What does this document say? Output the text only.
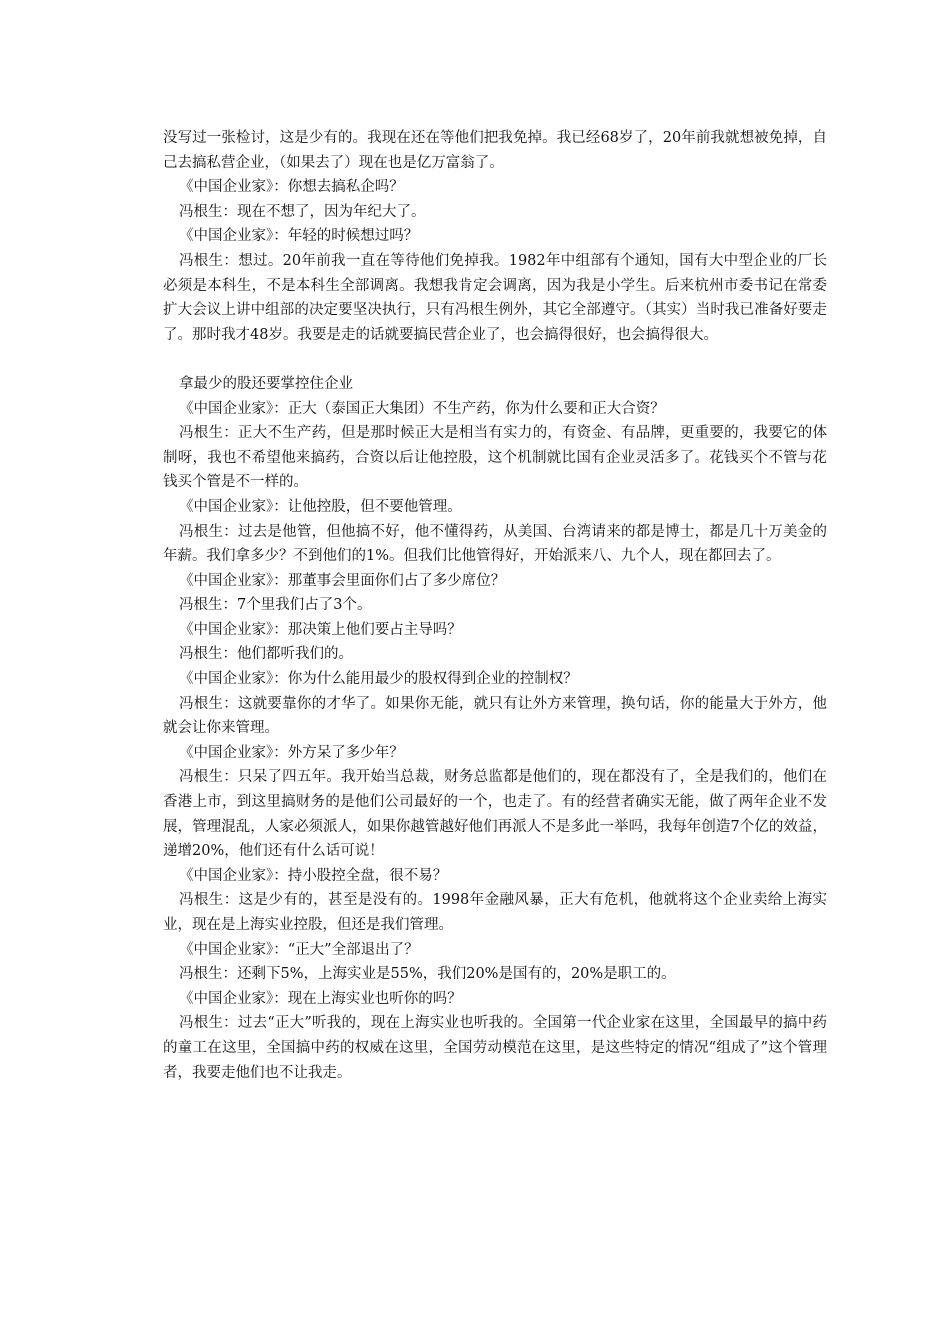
没写过一张检讨，这是少有的。我现在还在等他们把我免掉。我已经68岁了，20年前我就想被免掉，自己去搞私营企业，（如果去了）现在也是亿万富翁了。

《中国企业家》：你想去搞私企吗？

冯根生：现在不想了，因为年纪大了。

《中国企业家》：年轻的时候想过吗？

冯根生：想过。20年前我一直在等待他们免掉我。1982年中组部有个通知，国有大中型企业的厂长必须是本科生，不是本科生全部调离。我想我肯定会调离，因为我是小学生。后来杭州市委书记在常委扩大会议上讲中组部的决定要坚决执行，只有冯根生例外，其它全部遵守。（其实）当时我已准备好要走了。那时我才48岁。我要是走的话就要搞民营企业了，也会搞得很好，也会搞得很大。

拿最少的股还要掌控住企业

《中国企业家》：正大（泰国正大集团）不生产药，你为什么要和正大合资？

冯根生：正大不生产药，但是那时候正大是相当有实力的，有资金、有品牌，更重要的，我要它的体制呀，我也不希望他来搞药，合资以后让他控股，这个机制就比国有企业灵活多了。花钱买个不管与花钱买个管是不一样的。

《中国企业家》：让他控股，但不要他管理。

冯根生：过去是他管，但他搞不好，他不懂得药，从美国、台湾请来的都是博士，都是几十万美金的年薪。我们拿多少？不到他们的1%。但我们比他管得好，开始派来八、九个人，现在都回去了。

《中国企业家》：那董事会里面你们占了多少席位？

冯根生：7个里我们占了3个。

《中国企业家》：那决策上他们要占主导吗？

冯根生：他们都听我们的。

《中国企业家》：你为什么能用最少的股权得到企业的控制权？

冯根生：这就要靠你的才华了。如果你无能，就只有让外方来管理，换句话，你的能量大于外方，他就会让你来管理。

《中国企业家》：外方呆了多少年？

冯根生：只呆了四五年。我开始当总裁，财务总监都是他们的，现在都没有了，全是我们的，他们在香港上市，到这里搞财务的是他们公司最好的一个，也走了。有的经营者确实无能，做了两年企业不发展，管理混乱，人家必须派人，如果你越管越好他们再派人不是多此一举吗，我每年创造7个亿的效益，递增20%，他们还有什么话可说！

《中国企业家》：持小股控全盘，很不易？

冯根生：这是少有的，甚至是没有的。1998年金融风暴，正大有危机，他就将这个企业卖给上海实业，现在是上海实业控股，但还是我们管理。

《中国企业家》：“正大”全部退出了？

冯根生：还剩下5%，上海实业是55%，我们20%是国有的，20%是职工的。

《中国企业家》：现在上海实业也听你的吗？

冯根生：过去“正大”听我的，现在上海实业也听我的。全国第一代企业家在这里，全国最早的搞中药的童工在这里，全国搞中药的权威在这里，全国劳动模范在这里，是这些特定的情况“组成了”这个管理者，我要走他们也不让我走。
